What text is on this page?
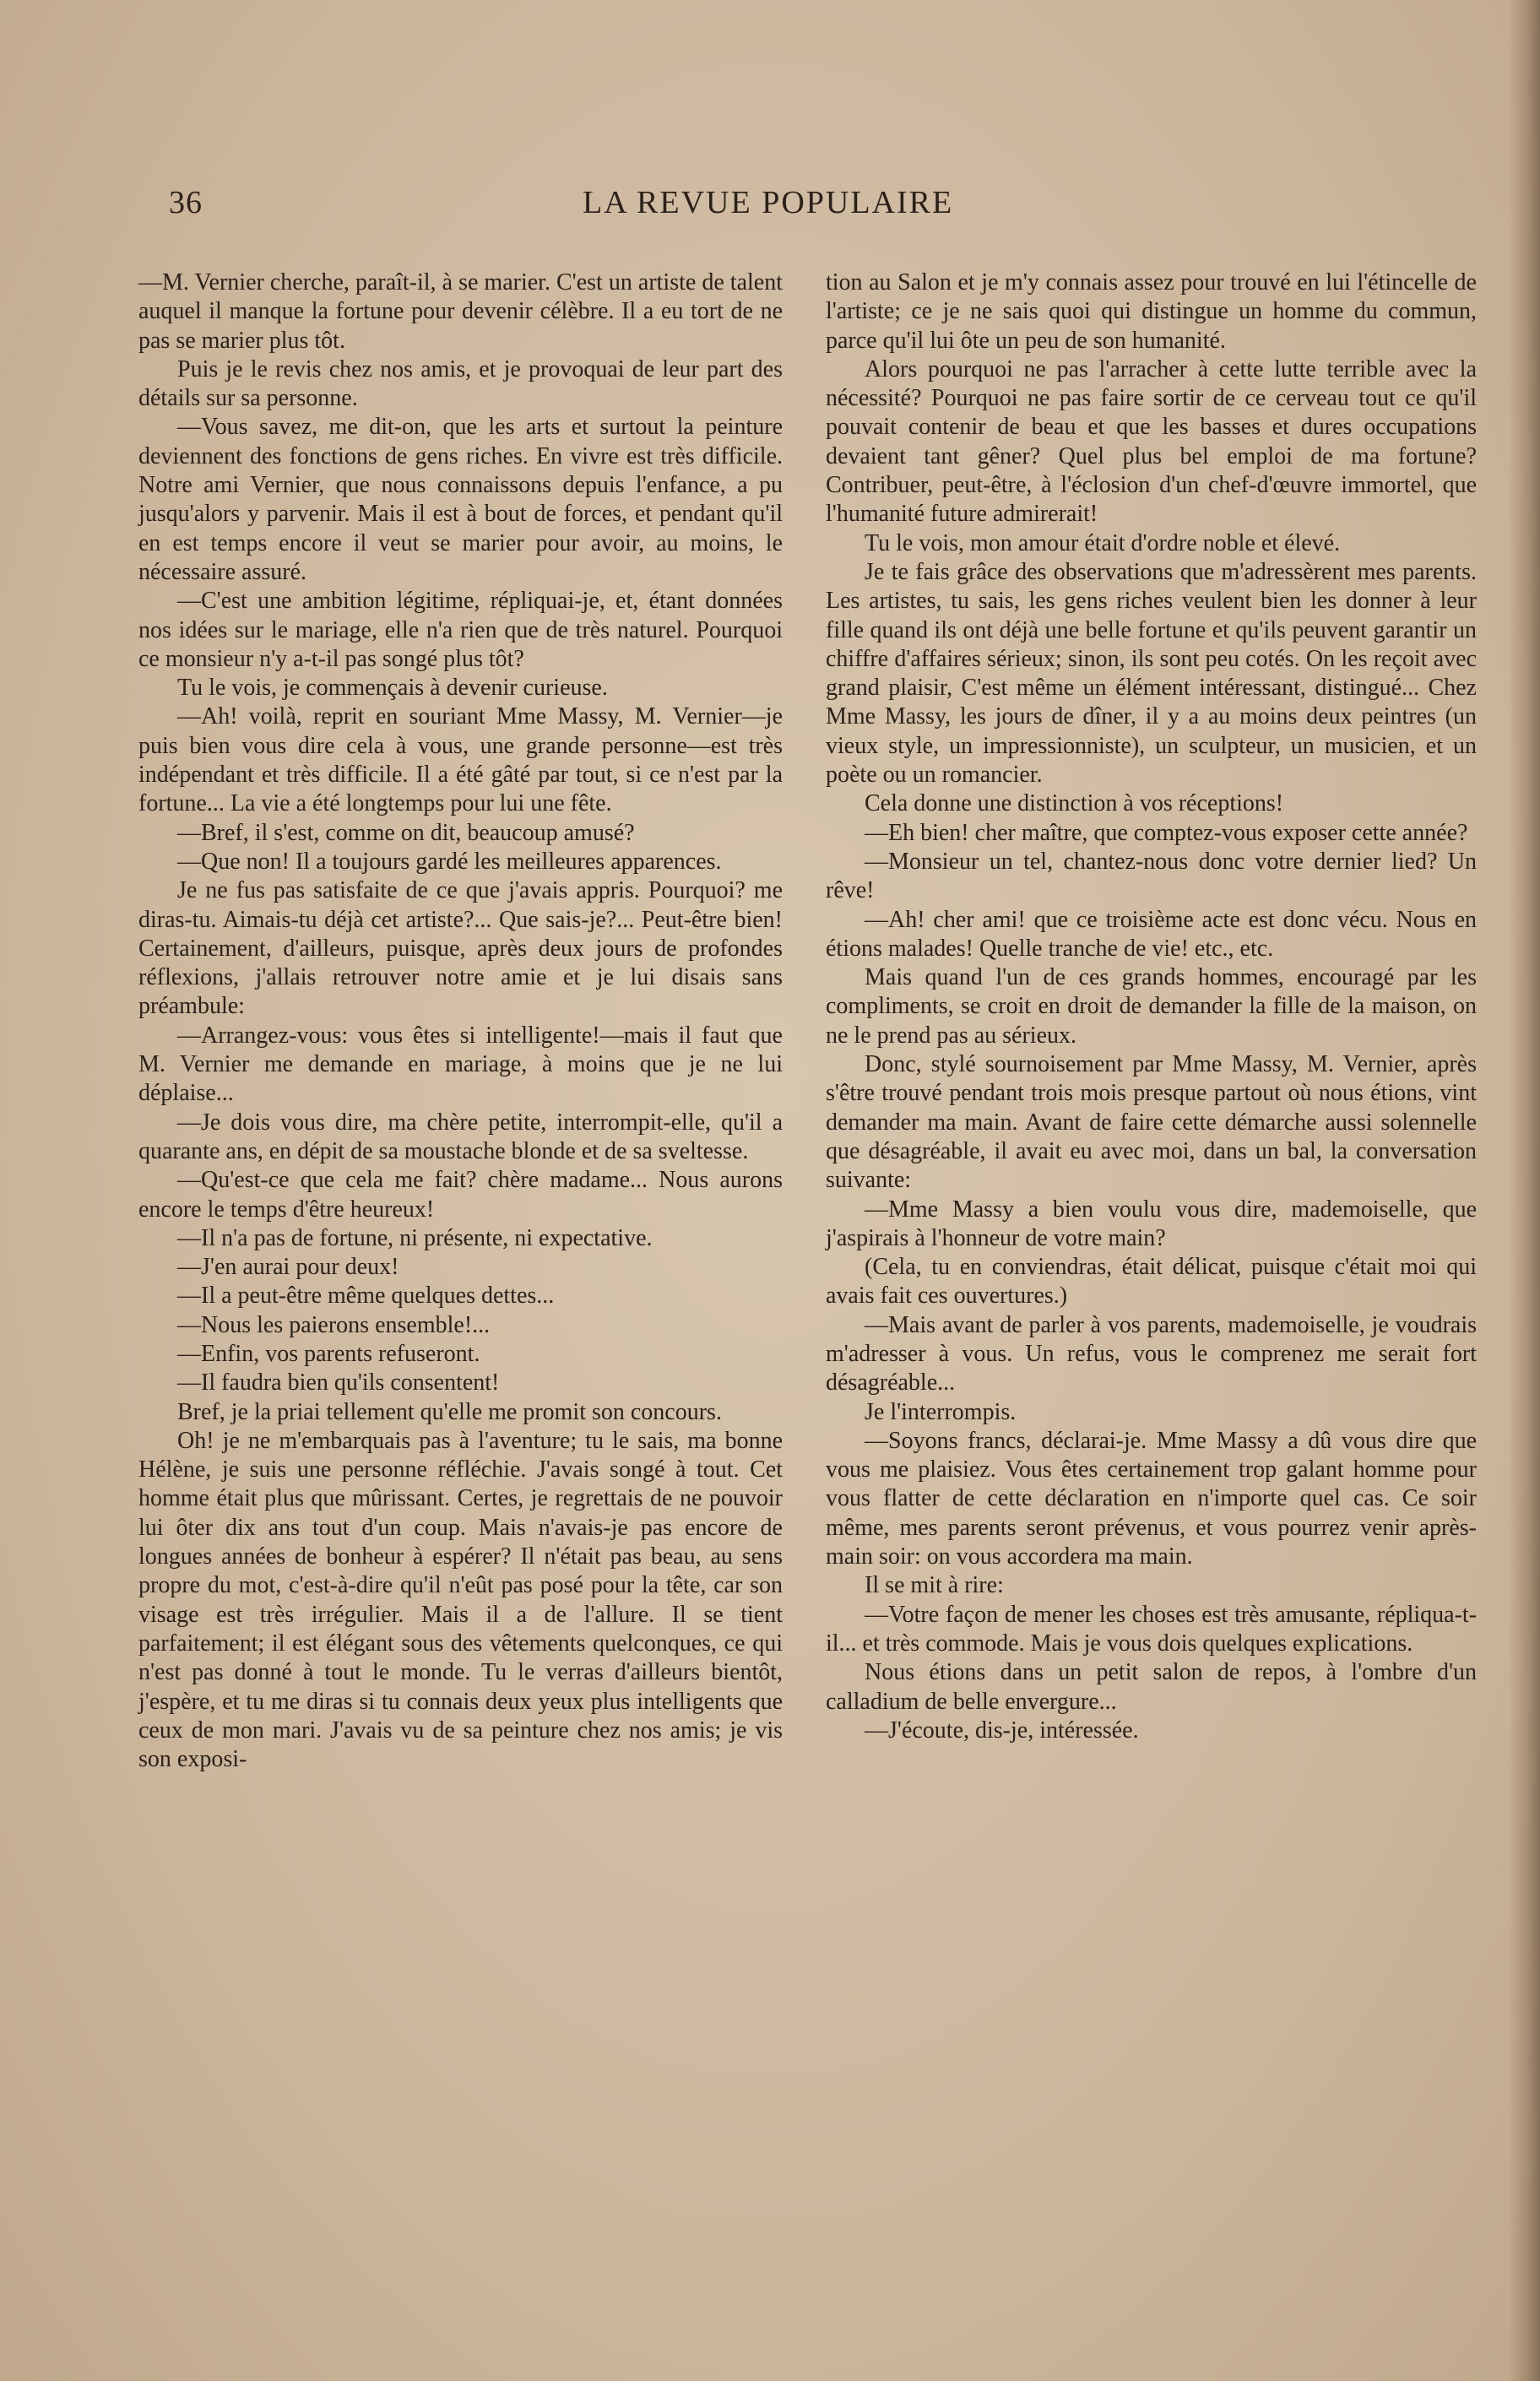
36	LA REVUE POPULAIRE

—M. Vernier cherche, paraît-il, à se marier. C'est un artiste de talent auquel il manque la fortune pour devenir célèbre. Il a eu tort de ne pas se marier plus tôt.

Puis je le revis chez nos amis, et je provoquai de leur part des détails sur sa personne.

—Vous savez, me dit-on, que les arts et surtout la peinture deviennent des fonctions de gens riches. En vivre est très difficile. Notre ami Vernier, que nous connaissons depuis l'enfance, a pu jusqu'alors y parvenir. Mais il est à bout de forces, et pendant qu'il en est temps encore il veut se marier pour avoir, au moins, le nécessaire assuré.

—C'est une ambition légitime, répliquai-je, et, étant données nos idées sur le mariage, elle n'a rien que de très naturel. Pourquoi ce monsieur n'y a-t-il pas songé plus tôt?

Tu le vois, je commençais à devenir curieuse.

—Ah! voilà, reprit en souriant Mme Massy, M. Vernier—je puis bien vous dire cela à vous, une grande personne—est très indépendant et très difficile. Il a été gâté par tout, si ce n'est par la fortune... La vie a été longtemps pour lui une fête.

—Bref, il s'est, comme on dit, beaucoup amusé?

—Que non! Il a toujours gardé les meilleures apparences.

Je ne fus pas satisfaite de ce que j'avais appris. Pourquoi? me diras-tu. Aimais-tu déjà cet artiste?... Que sais-je?... Peut-être bien! Certainement, d'ailleurs, puisque, après deux jours de profondes réflexions, j'allais retrouver notre amie et je lui disais sans préambule:

—Arrangez-vous: vous êtes si intelligente!—mais il faut que M. Vernier me demande en mariage, à moins que je ne lui déplaise...

—Je dois vous dire, ma chère petite, interrompit-elle, qu'il a quarante ans, en dépit de sa moustache blonde et de sa sveltesse.

—Qu'est-ce que cela me fait? chère madame... Nous aurons encore le temps d'être heureux!

—Il n'a pas de fortune, ni présente, ni expectative.

—J'en aurai pour deux!

—Il a peut-être même quelques dettes...

—Nous les paierons ensemble!...

—Enfin, vos parents refuseront.

—Il faudra bien qu'ils consentent!

Bref, je la priai tellement qu'elle me promit son concours.

Oh! je ne m'embarquais pas à l'aventure; tu le sais, ma bonne Hélène, je suis une personne réfléchie. J'avais songé à tout. Cet homme était plus que mûrissant. Certes, je regrettais de ne pouvoir lui ôter dix ans tout d'un coup. Mais n'avais-je pas encore de longues années de bonheur à espérer? Il n'était pas beau, au sens propre du mot, c'est-à-dire qu'il n'eût pas posé pour la tête, car son visage est très irrégulier. Mais il a de l'allure. Il se tient parfaitement; il est élégant sous des vêtements quelconques, ce qui n'est pas donné à tout le monde. Tu le verras d'ailleurs bientôt, j'espère, et tu me diras si tu connais deux yeux plus intelligents que ceux de mon mari. J'avais vu de sa peinture chez nos amis; je vis son exposi-

tion au Salon et je m'y connais assez pour trouvé en lui l'étincelle de l'artiste; ce je ne sais quoi qui distingue un homme du commun, parce qu'il lui ôte un peu de son humanité.

Alors pourquoi ne pas l'arracher à cette lutte terrible avec la nécessité? Pourquoi ne pas faire sortir de ce cerveau tout ce qu'il pouvait contenir de beau et que les basses et dures occupations devaient tant gêner? Quel plus bel emploi de ma fortune? Contribuer, peut-être, à l'éclosion d'un chef-d'œuvre immortel, que l'humanité future admirerait!

Tu le vois, mon amour était d'ordre noble et élevé.

Je te fais grâce des observations que m'adressèrent mes parents. Les artistes, tu sais, les gens riches veulent bien les donner à leur fille quand ils ont déjà une belle fortune et qu'ils peuvent garantir un chiffre d'affaires sérieux; sinon, ils sont peu cotés. On les reçoit avec grand plaisir, C'est même un élément intéressant, distingué... Chez Mme Massy, les jours de dîner, il y a au moins deux peintres (un vieux style, un impressionniste), un sculpteur, un musicien, et un poète ou un romancier.

Cela donne une distinction à vos réceptions!

—Eh bien! cher maître, que comptez-vous exposer cette année?

—Monsieur un tel, chantez-nous donc votre dernier lied? Un rêve!

—Ah! cher ami! que ce troisième acte est donc vécu. Nous en étions malades! Quelle tranche de vie! etc., etc.

Mais quand l'un de ces grands hommes, encouragé par les compliments, se croit en droit de demander la fille de la maison, on ne le prend pas au sérieux.

Donc, stylé sournoisement par Mme Massy, M. Vernier, après s'être trouvé pendant trois mois presque partout où nous étions, vint demander ma main. Avant de faire cette démarche aussi solennelle que désagréable, il avait eu avec moi, dans un bal, la conversation suivante:

—Mme Massy a bien voulu vous dire, mademoiselle, que j'aspirais à l'honneur de votre main?

(Cela, tu en conviendras, était délicat, puisque c'était moi qui avais fait ces ouvertures.)

—Mais avant de parler à vos parents, mademoiselle, je voudrais m'adresser à vous. Un refus, vous le comprenez me serait fort désagréable...

Je l'interrompis.

—Soyons francs, déclarai-je. Mme Massy a dû vous dire que vous me plaisiez. Vous êtes certainement trop galant homme pour vous flatter de cette déclaration en n'importe quel cas. Ce soir même, mes parents seront prévenus, et vous pourrez venir après-main soir: on vous accordera ma main.

Il se mit à rire:

—Votre façon de mener les choses est très amusante, répliqua-t-il... et très commode. Mais je vous dois quelques explications.

Nous étions dans un petit salon de repos, à l'ombre d'un calladium de belle envergure...

—J'écoute, dis-je, intéressée.
